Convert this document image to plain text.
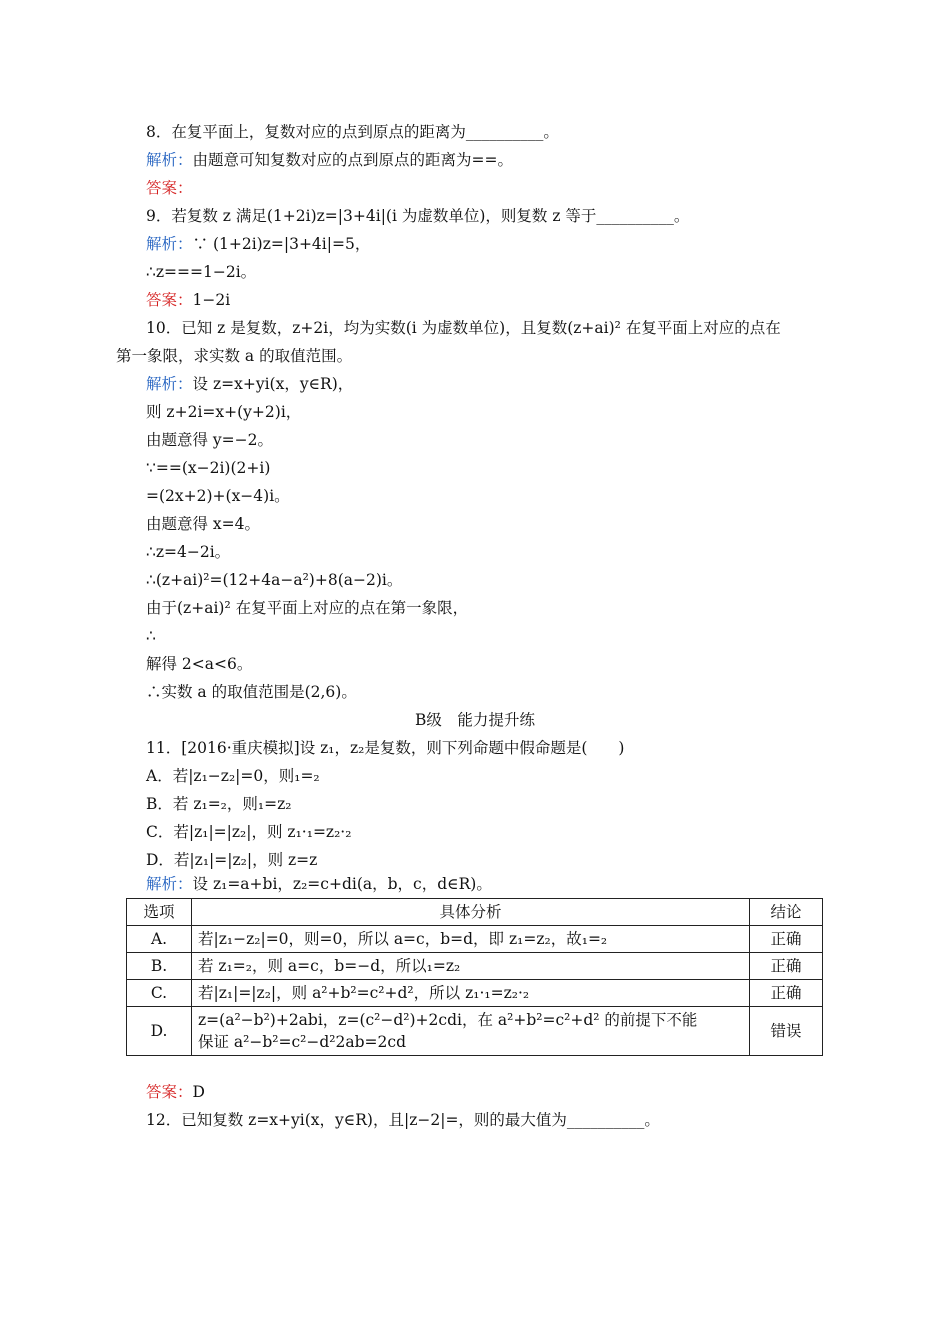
8．在复平面上，复数对应的点到原点的距离为__________。
解析：由题意可知复数对应的点到原点的距离为==。
答案：
9．若复数 z 满足(1+2i)z=|3+4i|(i 为虚数单位)，则复数 z 等于__________。
解析：∵ (1+2i)z=|3+4i|=5，
∴z===1−2i。
答案：1−2i
10．已知 z 是复数，z+2i，均为实数(i 为虚数单位)，且复数(z+ai)² 在复平面上对应的点在
第一象限，求实数 a 的取值范围。
解析：设 z=x+yi(x，y∈R)，
则 z+2i=x+(y+2)i，
由题意得 y=−2。
∵==(x−2i)(2+i)
=(2x+2)+(x−4)i。
由题意得 x=4。
∴z=4−2i。
∴(z+ai)²=(12+4a−a²)+8(a−2)i。
由于(z+ai)² 在复平面上对应的点在第一象限，
∴
解得 2<a<6。
∴实数 a 的取值范围是(2,6)。
B级　能力提升练
11．[2016·重庆模拟]设 z₁，z₂是复数，则下列命题中假命题是(　　)
A．若|z₁−z₂|=0，则₁=₂
B．若 z₁=₂，则₁=z₂
C．若|z₁|=|z₂|，则 z₁·₁=z₂·₂
D．若|z₁|=|z₂|，则 z=z
解析：设 z₁=a+bi，z₂=c+di(a，b，c，d∈R)。
选项	具体分析	结论
A.	若|z₁−z₂|=0，则=0，所以 a=c，b=d，即 z₁=z₂，故₁=₂	正确
B.	若 z₁=₂，则 a=c，b=−d，所以₁=z₂	正确
C.	若|z₁|=|z₂|，则 a²+b²=c²+d²，所以 z₁·₁=z₂·₂	正确
D.	z=(a²−b²)+2abi，z=(c²−d²)+2cdi，在 a²+b²=c²+d² 的前提下不能
保证 a²−b²=c²−d²2ab=2cd	错误
答案：D
12．已知复数 z=x+yi(x，y∈R)，且|z−2|=，则的最大值为__________。
